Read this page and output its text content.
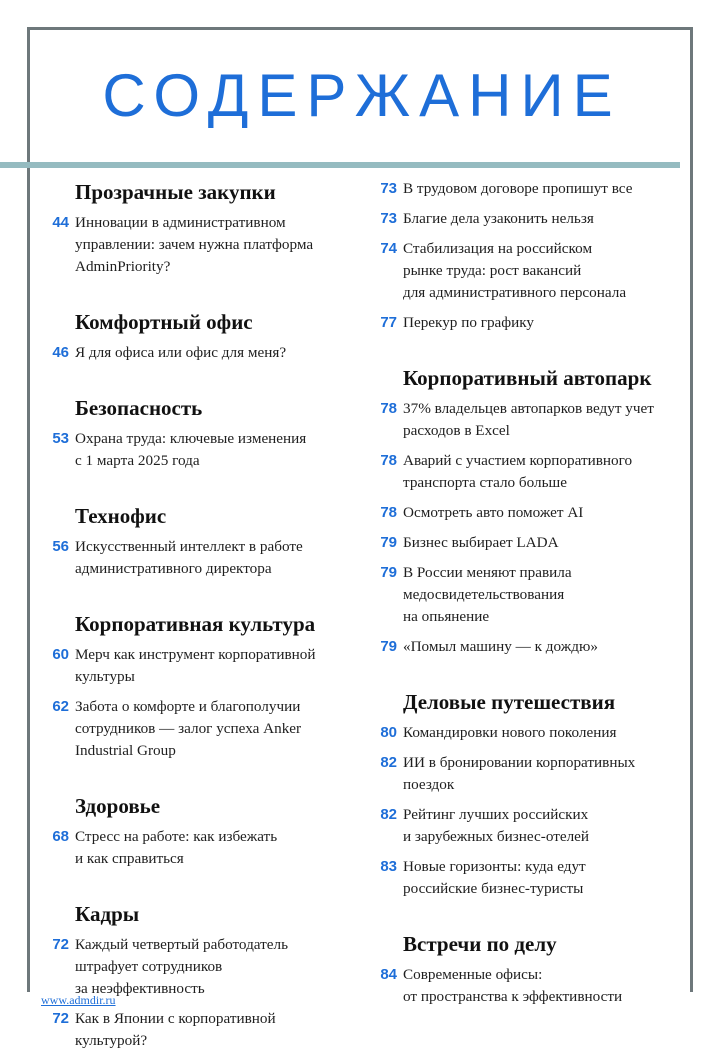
СОДЕРЖАНИЕ
Прозрачные закупки
44 Инновации в административном
управлении: зачем нужна платформа
AdminPriority?
Комфортный офис
46 Я для офиса или офис для меня?
Безопасность
53 Охрана труда: ключевые изменения
с 1 марта 2025 года
Технофис
56 Искусственный интеллект в работе
административного директора
Корпоративная культура
60 Мерч как инструмент корпоративной
культуры
62 Забота о комфорте и благополучии
сотрудников — залог успеха Anker
Industrial Group
Здоровье
68 Стресс на работе: как избежать
и как справиться
Кадры
72 Каждый четвертый работодатель
штрафует сотрудников
за неэффективность
72 Как в Японии с корпоративной
культурой?
73 В трудовом договоре пропишут все
73 Благие дела узаконить нельзя
74 Стабилизация на российском
рынке труда: рост вакансий
для административного персонала
77 Перекур по графику
Корпоративный автопарк
78 37% владельцев автопарков ведут учет
расходов в Excel
78 Аварий с участием корпоративного
транспорта стало больше
78 Осмотреть авто поможет AI
79 Бизнес выбирает LADA
79 В России меняют правила
медосвидетельствования
на опьянение
79 «Помыл машину — к дождю»
Деловые путешествия
80 Командировки нового поколения
82 ИИ в бронировании корпоративных
поездок
82 Рейтинг лучших российских
и зарубежных бизнес-отелей
83 Новые горизонты: куда едут
российские бизнес-туристы
Встречи по делу
84 Современные офисы:
от пространства к эффективности
www.admdir.ru
